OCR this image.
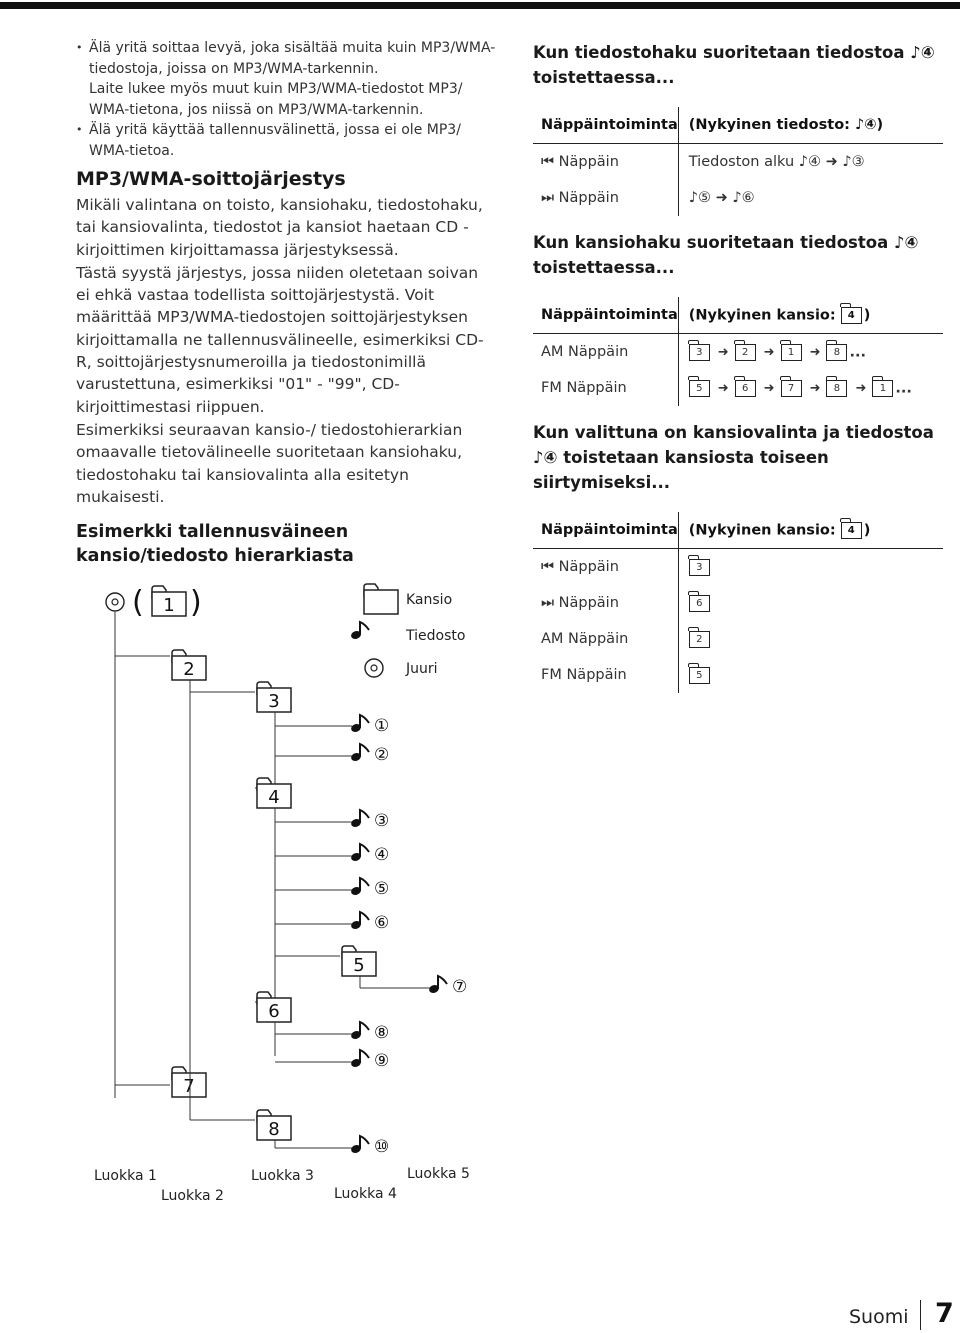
• Älä yritä soittaa levyä, joka sisältää muita kuin MP3/WMA-tiedostoja, joissa on MP3/WMA-tarkennin.
Laite lukee myös muut kuin MP3/WMA-tiedostot MP3/ WMA-tietona, jos niissä on MP3/WMA-tarkennin.
• Älä yritä käyttää tallennusvälinettä, jossa ei ole MP3/ WMA-tietoa.
MP3/WMA-soittojärjestys

Mikäli valintana on toisto, kansiohaku, tiedostohaku, tai kansiovalinta, tiedostot ja kansiot haetaan CD -kirjoittimen kirjoittamassa järjestyksessä.

Tästä syystä järjestys, jossa niiden oletetaan soivan ei ehkä vastaa todellista soittojärjestystä. Voit määrittää MP3/WMA-tiedostojen soittojärjestyksen kirjoittamalla ne tallennusvälineelle, esimerkiksi CD-R, soittojärjestysnumeroilla ja tiedostonimillä varustettuna, esimerkiksi "01" - "99", CD-kirjoittimestasi riippuen.

Esimerkiksi seuraavan kansio-/ tiedostohierarkian omaavalle tietovälineelle suoritetaan kansiohaku, tiedostohaku tai kansiovalinta alla esitetyn mukaisesti.

Esimerkki tallennusväineen kansio/tiedosto hierarkiasta
( 1 )
2
7
3
8
4
6
①
②
③
④
⑤
⑥
5
⑦
⑧
⑨
⑩
Kansio
Tiedosto
Juuri
Luokka 1
Luokka 2
Luokka 3
Luokka 4
Luokka 5

Kun tiedostohaku suoritetaan tiedostoa ♪④ toistettaessa...

Näppäintoiminta	(Nykyinen tiedosto: ♪④)
⏮ Näppäin	Tiedoston alku ♪④ ➜ ♪③
⏭ Näppäin	♪⑤ ➜ ♪⑥

Kun kansiohaku suoritetaan tiedostoa ♪④ toistettaessa...

Näppäintoiminta	(Nykyinen kansio: 4 )
AM Näppäin	3 ➜ 2 ➜ 1 ➜ 8 ...
FM Näppäin	5 ➜ 6 ➜ 7 ➜ 8 ➜ 1 ...

Kun valittuna on kansiovalinta ja tiedostoa ♪④ toistetaan kansiosta toiseen siirtymiseksi...

Näppäintoiminta	(Nykyinen kansio: 4 )
⏮ Näppäin	3
⏭ Näppäin	6
AM Näppäin	2
FM Näppäin	5
Suomi 7
